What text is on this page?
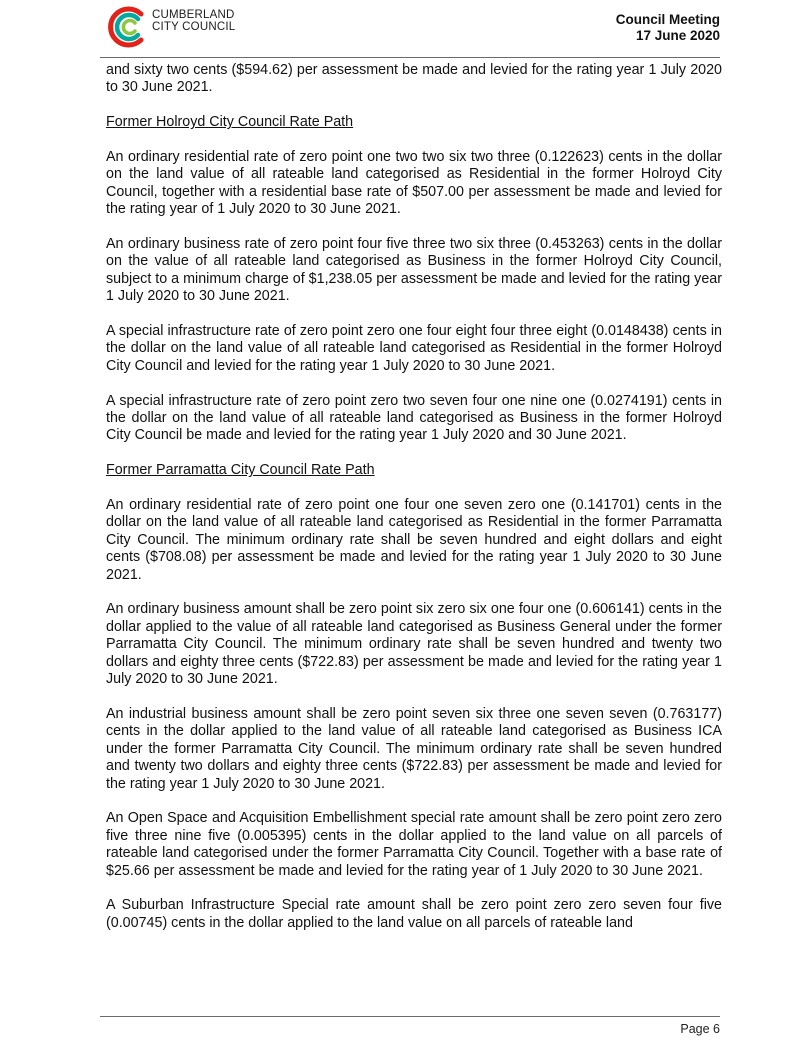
CUMBERLAND
CITY COUNCIL	Council Meeting
17 June 2020

and sixty two cents ($594.62) per assessment be made and levied for the rating year 1 July 2020 to 30 June 2021.

Former Holroyd City Council Rate Path

An ordinary residential rate of zero point one two two six two three (0.122623) cents in the dollar on the land value of all rateable land categorised as Residential in the former Holroyd City Council, together with a residential base rate of $507.00 per assessment be made and levied for the rating year of 1 July 2020 to 30 June 2021.

An ordinary business rate of zero point four five three two six three (0.453263) cents in the dollar on the value of all rateable land categorised as Business in the former Holroyd City Council, subject to a minimum charge of $1,238.05 per assessment be made and levied for the rating year 1 July 2020 to 30 June 2021.

A special infrastructure rate of zero point zero one four eight four three eight (0.0148438) cents in the dollar on the land value of all rateable land categorised as Residential in the former Holroyd City Council and levied for the rating year 1 July 2020 to 30 June 2021.

A special infrastructure rate of zero point zero two seven four one nine one (0.0274191) cents in the dollar on the land value of all rateable land categorised as Business in the former Holroyd City Council be made and levied for the rating year 1 July 2020 and 30 June 2021.

Former Parramatta City Council Rate Path

An ordinary residential rate of zero point one four one seven zero one (0.141701) cents in the dollar on the land value of all rateable land categorised as Residential in the former Parramatta City Council. The minimum ordinary rate shall be seven hundred and eight dollars and eight cents ($708.08) per assessment be made and levied for the rating year 1 July 2020 to 30 June 2021.

An ordinary business amount shall be zero point six zero six one four one (0.606141) cents in the dollar applied to the value of all rateable land categorised as Business General under the former Parramatta City Council. The minimum ordinary rate shall be seven hundred and twenty two dollars and eighty three cents ($722.83) per assessment be made and levied for the rating year 1 July 2020 to 30 June 2021.

An industrial business amount shall be zero point seven six three one seven seven (0.763177) cents in the dollar applied to the land value of all rateable land categorised as Business ICA under the former Parramatta City Council. The minimum ordinary rate shall be seven hundred and twenty two dollars and eighty three cents ($722.83) per assessment be made and levied for the rating year 1 July 2020 to 30 June 2021.

An Open Space and Acquisition Embellishment special rate amount shall be zero point zero zero five three nine five (0.005395) cents in the dollar applied to the land value on all parcels of rateable land categorised under the former Parramatta City Council. Together with a base rate of $25.66 per assessment be made and levied for the rating year of 1 July 2020 to 30 June 2021.

A Suburban Infrastructure Special rate amount shall be zero point zero zero seven four five (0.00745) cents in the dollar applied to the land value on all parcels of rateable land

Page 6
